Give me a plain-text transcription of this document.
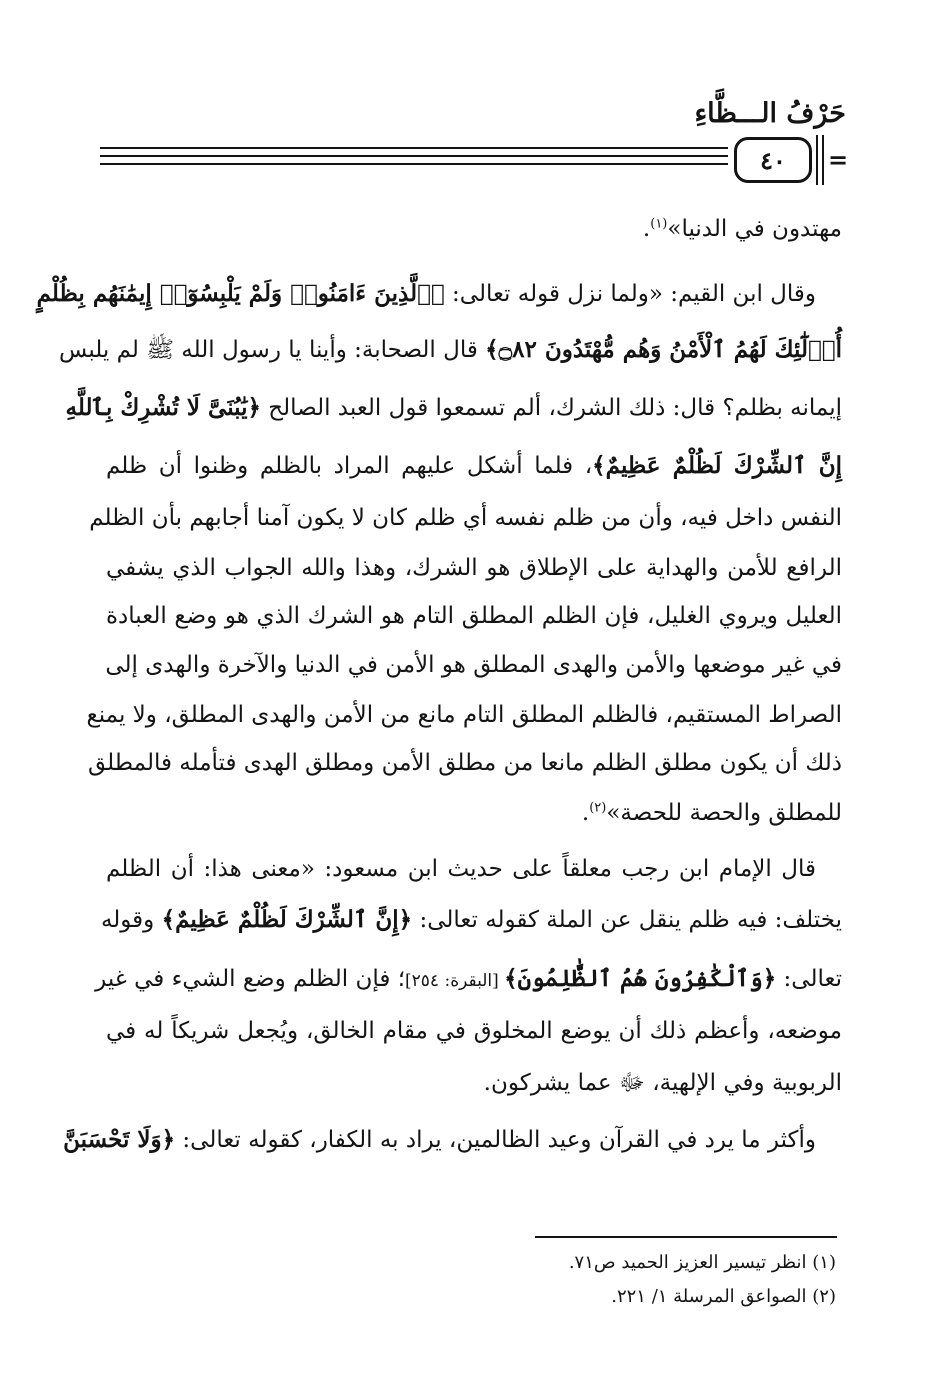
حَرْفُ الـــظَّاءِ
٤٠ =
مهتدون في الدنيا»$^{(١)}$.
وقال ابن القيم: «ولما نزل قوله تعالى: ﴿ٱلَّذِينَ ءَامَنُوا۟ وَلَمْ يَلْبِسُوٓا۟ إِيمَٰنَهُم بِظُلْمٍ
أُو۟لَٰٓئِكَ لَهُمُ ٱلْأَمْنُ وَهُم مُّهْتَدُونَ ۝٨٢﴾ قال الصحابة: وأينا يا رسول الله ﷺ لم يلبس
إيمانه بظلم؟ قال: ذلك الشرك، ألم تسمعوا قول العبد الصالح ﴿يَٰبُنَىَّ لَا تُشْرِكْ بِٱللَّهِ
إِنَّ ٱلشِّرْكَ لَظُلْمٌ عَظِيمٌ﴾، فلما أشكل عليهم المراد بالظلم وظنوا أن ظلم
النفس داخل فيه، وأن من ظلم نفسه أي ظلم كان لا يكون آمنا أجابهم بأن الظلم
الرافع للأمن والهداية على الإطلاق هو الشرك، وهذا والله الجواب الذي يشفي
العليل ويروي الغليل، فإن الظلم المطلق التام هو الشرك الذي هو وضع العبادة
في غير موضعها والأمن والهدى المطلق هو الأمن في الدنيا والآخرة والهدى إلى
الصراط المستقيم، فالظلم المطلق التام مانع من الأمن والهدى المطلق، ولا يمنع
ذلك أن يكون مطلق الظلم مانعا من مطلق الأمن ومطلق الهدى فتأمله فالمطلق
للمطلق والحصة للحصة»$^{(٢)}$.
قال الإمام ابن رجب معلقاً على حديث ابن مسعود: «معنى هذا: أن الظلم
يختلف: فيه ظلم ينقل عن الملة كقوله تعالى: ﴿إِنَّ ٱلشِّرْكَ لَظُلْمٌ عَظِيمٌ﴾ وقوله
تعالى: ﴿وَٱلْكَٰفِرُونَ هُمُ ٱلظَّٰلِمُونَ﴾ [البقرة: ٢٥٤]؛ فإن الظلم وضع الشيء في غير
موضعه، وأعظم ذلك أن يوضع المخلوق في مقام الخالق، ويُجعل شريكاً له في
الربوبية وفي الإلهية، ﷻ عما يشركون.
وأكثر ما يرد في القرآن وعيد الظالمين، يراد به الكفار، كقوله تعالى: ﴿وَلَا تَحْسَبَنَّ
(١) انظر تيسير العزيز الحميد ص٧١.
(٢) الصواعق المرسلة ١/ ٢٢١.
